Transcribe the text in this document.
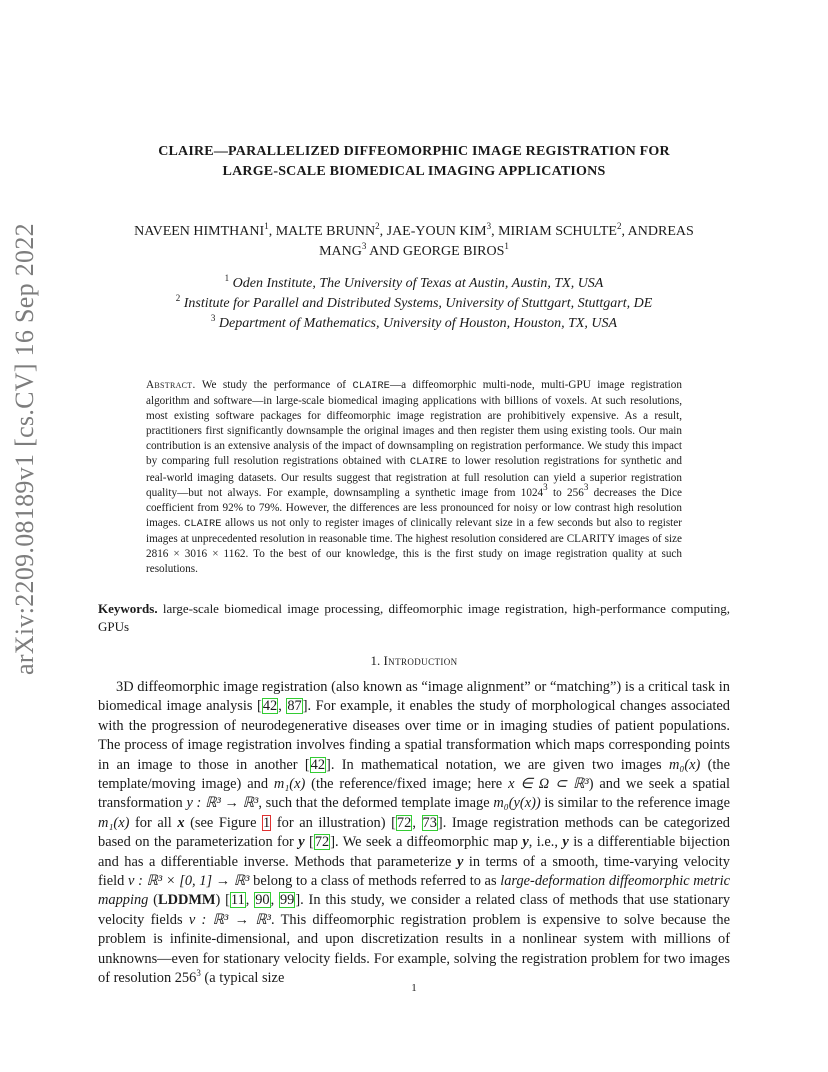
arXiv:2209.08189v1 [cs.CV] 16 Sep 2022
CLAIRE—PARALLELIZED DIFFEOMORPHIC IMAGE REGISTRATION FOR
LARGE-SCALE BIOMEDICAL IMAGING APPLICATIONS
NAVEEN HIMTHANI$^1$, MALTE BRUNN$^2$, JAE-YOUN KIM$^3$, MIRIAM SCHULTE$^2$, ANDREAS
MANG$^3$ AND GEORGE BIROS$^1$
$^1$ Oden Institute, The University of Texas at Austin, Austin, TX, USA
$^2$ Institute for Parallel and Distributed Systems, University of Stuttgart, Stuttgart, DE
$^3$ Department of Mathematics, University of Houston, Houston, TX, USA
Abstract. We study the performance of CLAIRE—a diffeomorphic multi-node, multi-GPU image registration algorithm and software—in large-scale biomedical imaging applications with billions of voxels. At such resolutions, most existing software packages for diffeomorphic image registration are prohibitively expensive. As a result, practitioners first significantly downsample the original images and then register them using existing tools. Our main contribution is an extensive analysis of the impact of downsampling on registration performance. We study this impact by comparing full resolution registrations obtained with CLAIRE to lower resolution registrations for synthetic and real-world imaging datasets. Our results suggest that registration at full resolution can yield a superior registration quality—but not always. For example, downsampling a synthetic image from 1024$^3$ to $256^3$ decreases the Dice coefficient from 92% to 79%. However, the differences are less pronounced for noisy or low contrast high resolution images. CLAIRE allows us not only to register images of clinically relevant size in a few seconds but also to register images at unprecedented resolution in reasonable time. The highest resolution considered are CLARITY images of size 2816 × 3016 × 1162. To the best of our knowledge, this is the first study on image registration quality at such resolutions.
Keywords. large-scale biomedical image processing, diffeomorphic image registration, high-performance computing, GPUs
1. Introduction
3D diffeomorphic image registration (also known as “image alignment” or “matching”) is a critical task in biomedical image analysis [42, 87]. For example, it enables the study of morphological changes associated with the progression of neurodegenerative diseases over time or in imaging studies of patient populations. The process of image registration involves finding a spatial transformation which maps corresponding points in an image to those in another [42]. In mathematical notation, we are given two images m₀(x) (the template/moving image) and m₁(x) (the reference/fixed image; here x ∈ Ω ⊂ ℝ³) and we seek a spatial transformation y : ℝ³ → ℝ³, such that the deformed template image m₀(y(x)) is similar to the reference image m₁(x) for all x (see Figure 1 for an illustration) [72, 73]. Image registration methods can be categorized based on the parameterization for y [72]. We seek a diffeomorphic map y, i.e., y is a differentiable bijection and has a differentiable inverse. Methods that parameterize y in terms of a smooth, time-varying velocity field v : ℝ³ × [0, 1] → ℝ³ belong to a class of methods referred to as large-deformation diffeomorphic metric mapping (LDDMM) [11, 90, 99]. In this study, we consider a related class of methods that use stationary velocity fields v : ℝ³ → ℝ³. This diffeomorphic registration problem is expensive to solve because the problem is infinite-dimensional, and upon discretization results in a nonlinear system with millions of unknowns—even for stationary velocity fields. For example, solving the registration problem for two images of resolution $256^3$ (a typical size
1
